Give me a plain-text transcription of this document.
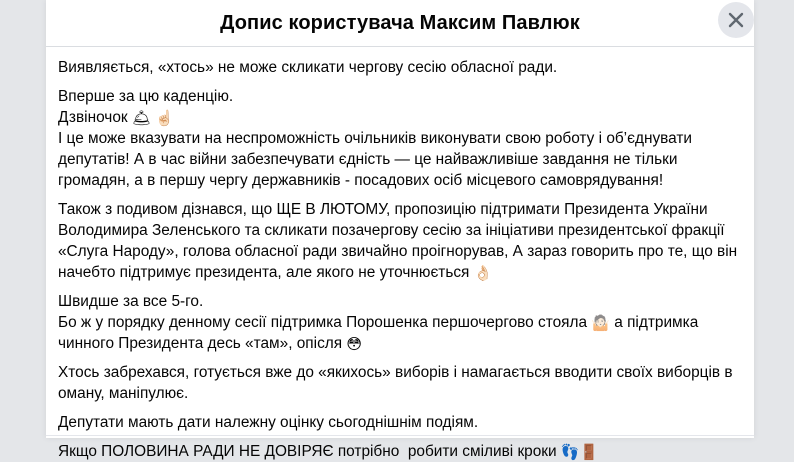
Допис користувача Максим Павлюк

Виявляється, «хтось» не може скликати чергову сесію обласної ради.

Вперше за цю каденцію.
Дзвіночок 🛎 ☝🏻
І це може вказувати на неспроможність очільників виконувати свою роботу і об’єднувати депутатів! А в час війни забезпечувати єдність — це найважливіше завдання не тільки громадян, а в першу чергу державників - посадових осіб місцевого самоврядування!

Також з подивом дізнався, що ЩЕ В ЛЮТОМУ, пропозицію підтримати Президента України Володимира Зеленського та скликати позачергову сесію за ініціативи президентської фракції «Слуга Народу», голова обласної ради звичайно проігнорував, А зараз говорить про те, що він начебто підтримує президента, але якого не уточнюється 👌🏻

Швидше за все 5-го.
Бо ж у порядку денному сесії підтримка Порошенка першочергово стояла 🤷🏻 а підтримка чинного Президента десь «там», опісля 😳

Хтось забрехався, готується вже до «якихось» виборів і намагається вводити своїх виборців в оману, маніпулює.

Депутати мають дати належну оцінку сьогоднішнім подіям.

Якщо ПОЛОВИНА РАДИ НЕ ДОВІРЯЄ потрібно  робити сміливі кроки 👣🚪
